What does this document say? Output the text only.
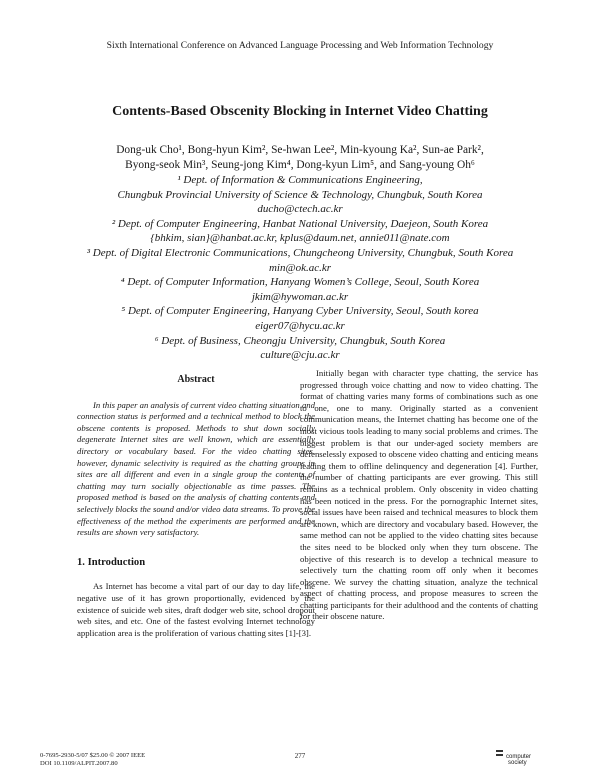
Sixth International Conference on Advanced Language Processing and Web Information Technology
Contents-Based Obscenity Blocking in Internet Video Chatting

Dong-uk Cho¹, Bong-hyun Kim², Se-hwan Lee², Min-kyoung Ka², Sun-ae Park²,

Byong-seok Min³, Seung-jong Kim⁴, Dong-kyun Lim⁵, and Sang-young Oh⁶

¹ Dept. of Information & Communications Engineering,

Chungbuk Provincial University of Science & Technology, Chungbuk, South Korea

ducho@ctech.ac.kr

² Dept. of Computer Engineering, Hanbat National University, Daejeon, South Korea

{bhkim, sian}@hanbat.ac.kr, kplus@daum.net, annie011@nate.com

³ Dept. of Digital Electronic Communications, Chungcheong University, Chungbuk, South Korea

min@ok.ac.kr

⁴ Dept. of Computer Information, Hanyang Women’s College, Seoul, South Korea

jkim@hywoman.ac.kr

⁵ Dept. of Computer Engineering, Hanyang Cyber University, Seoul, South korea

eiger07@hycu.ac.kr

⁶ Dept. of Business, Cheongju University, Chungbuk, South Korea

culture@cju.ac.kr

Abstract

In this paper an analysis of current video chatting situation and connection status is performed and a technical method to block the obscene contents is proposed. Methods to shut down socially degenerate Internet sites are well known, which are essentially directory or vocabulary based. For the video chatting sites, however, dynamic selectivity is required as the chatting groups in sites are all different and even in a single group the contents of chatting may turn socially objectionable as time passes. The proposed method is based on the analysis of chatting contents and selectively blocks the sound and/or video data streams. To prove the effectiveness of the method the experiments are performed and the results are shown very satisfactory.

1. Introduction

As Internet has become a vital part of our day to day life, the negative use of it has grown proportionally, evidenced by the existence of suicide web sites, draft dodger web site, school dropout web sites, and etc. One of the fastest evolving Internet technology application area is the proliferation of various chatting sites [1]-[3].

Initially began with character type chatting, the service has progressed through voice chatting and now to video chatting. The format of chatting varies many forms of combinations such as one to one, one to many. Originally started as a convenient communication means, the Internet chatting has become one of the most vicious tools leading to many social problems and crimes. The biggest problem is that our under-aged society members are defenselessly exposed to obscene video chatting and enticing means leading them to offline delinquency and degeneration [4]. Further, the number of chatting participants are ever growing. This still remains as a technical problem. Only obscenity in video chatting has been noticed in the press. For the pornographic Internet sites, social issues have been raised and technical measures to block them are known, which are directory and vocabulary based. However, the same method can not be applied to the video chatting sites because the sites need to be blocked only when they turn obscene. The objective of this research is to develop a technical measure to selectively turn the chatting room off only when it becomes obscene. We survey the chatting situation, analyze the technical aspect of chatting process, and propose measures to screen the chatting participants for their adulthood and the contents of chatting for their obscene nature.

0-7695-2930-5/07 $25.00 © 2007 IEEE
DOI 10.1109/ALPIT.2007.80
277	computer
society
